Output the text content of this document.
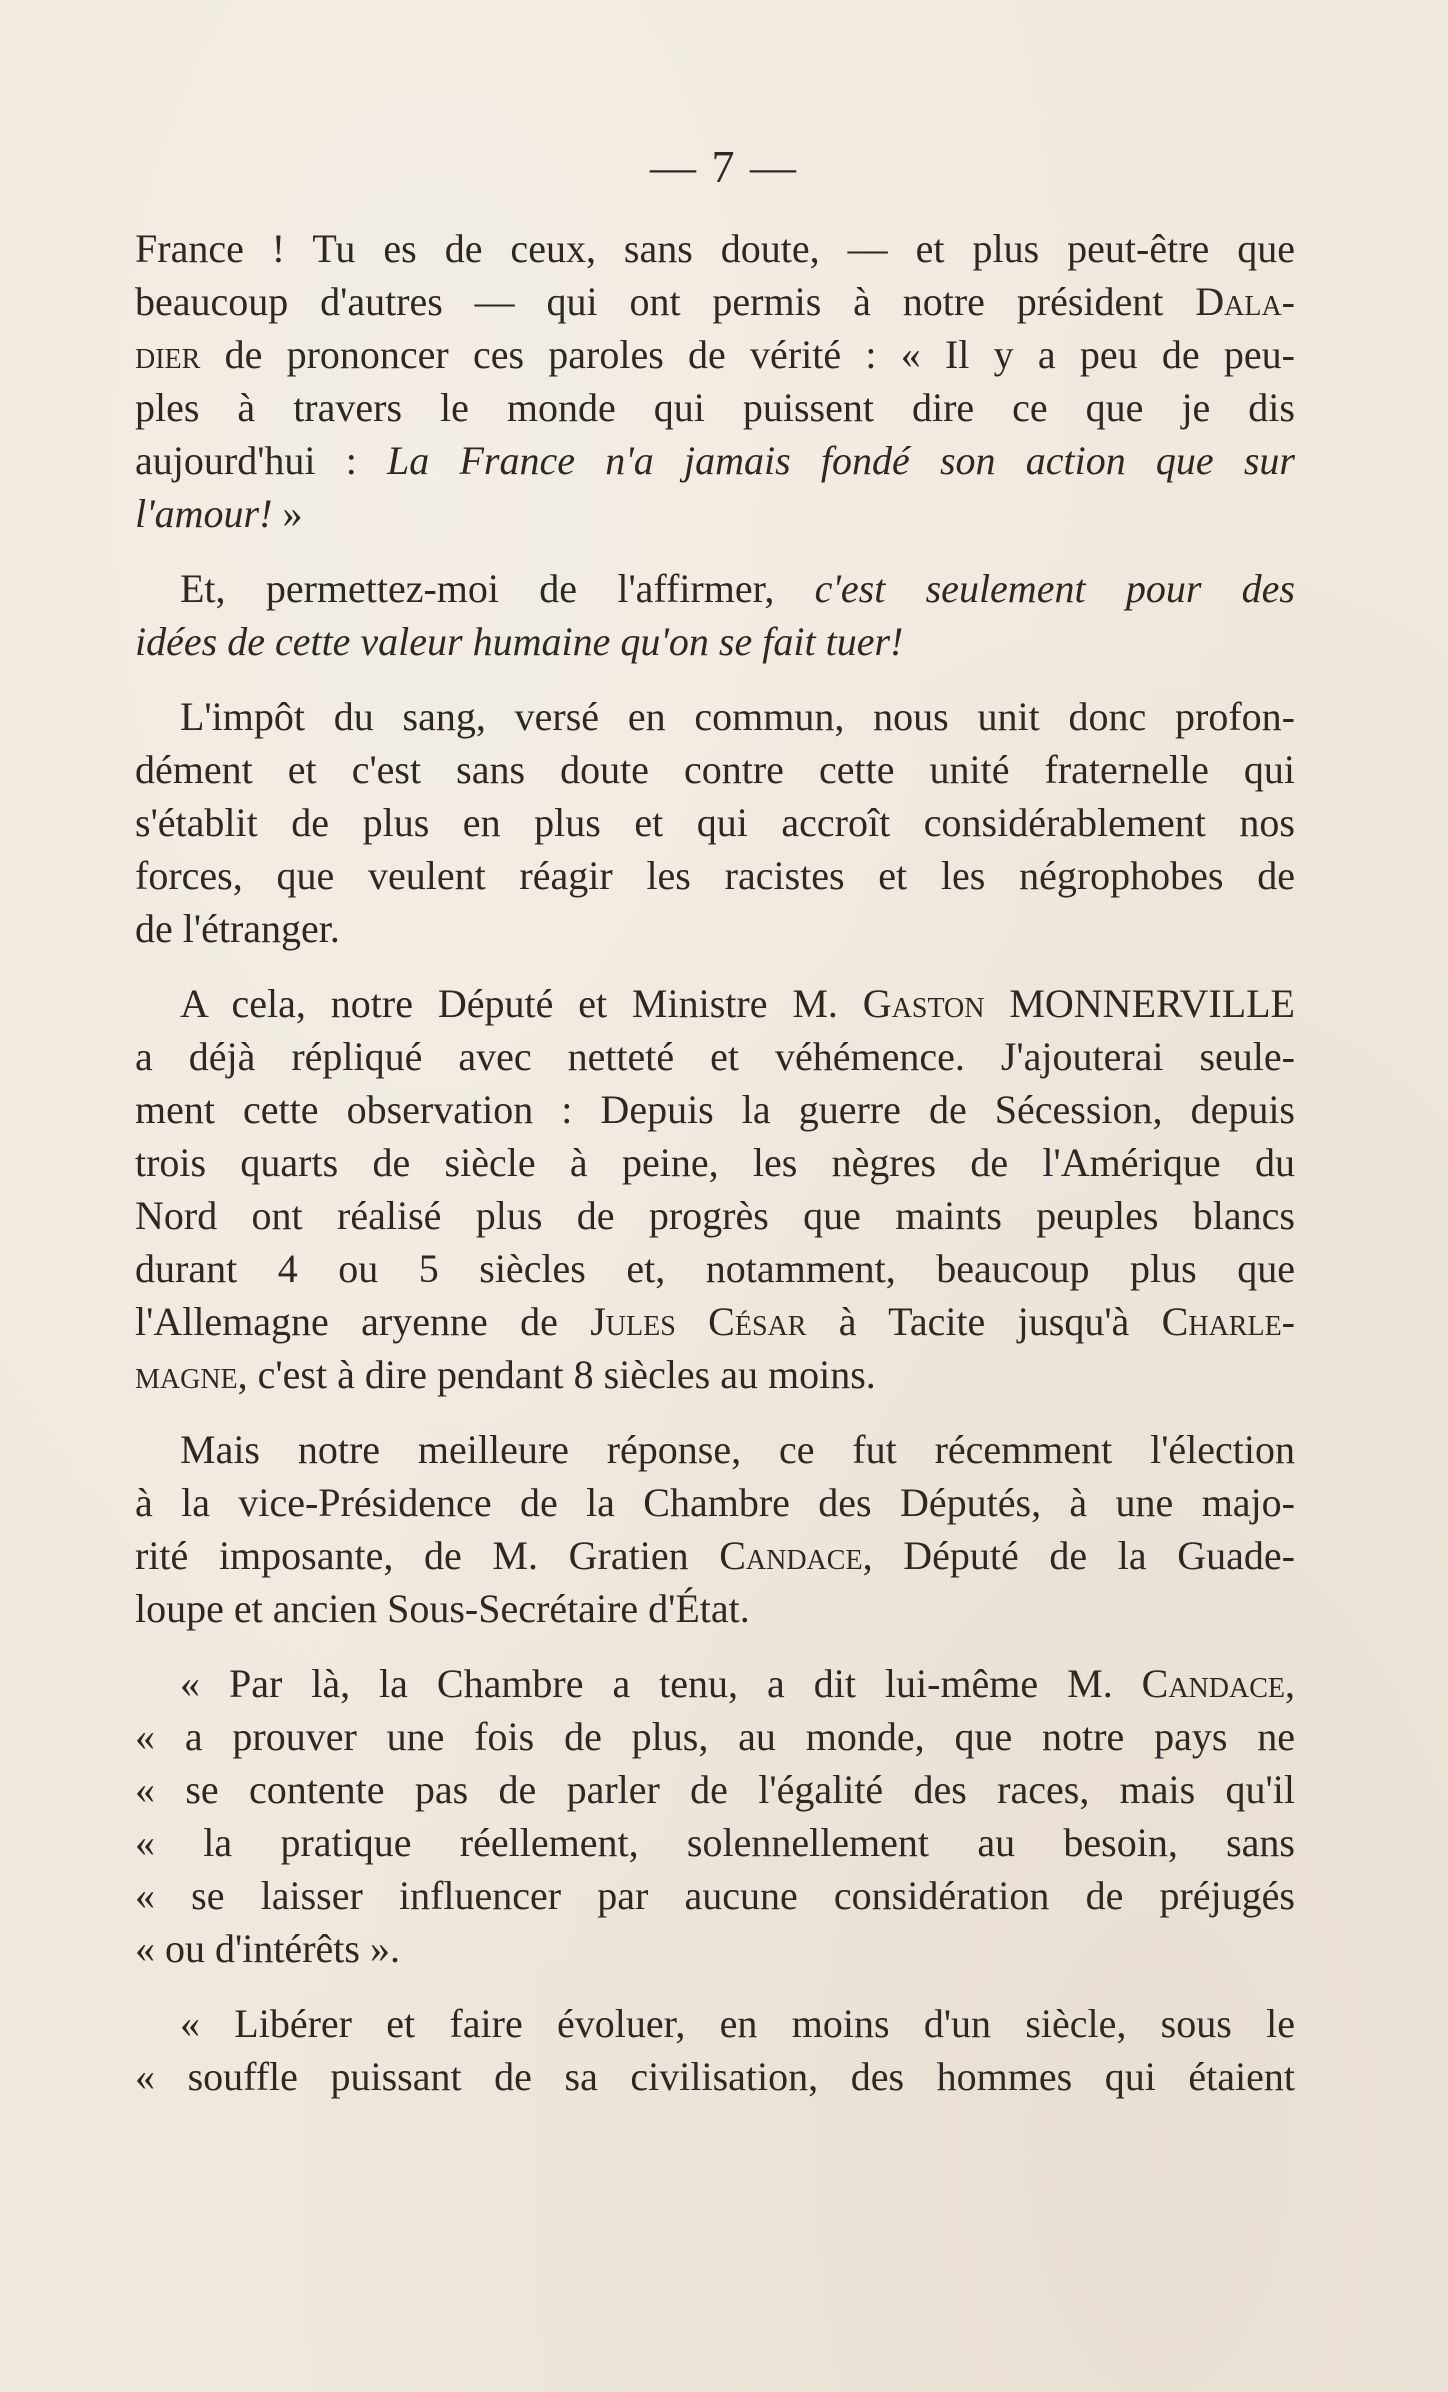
— 7 —
France ! Tu es de ceux, sans doute, — et plus peut-être que
beaucoup d'autres — qui ont permis à notre président Dala-
dier de prononcer ces paroles de vérité : « Il y a peu de peu-
ples à travers le monde qui puissent dire ce que je dis
aujourd'hui : La France n'a jamais fondé son action que sur
l'amour! »
Et, permettez-moi de l'affirmer, c'est seulement pour des
idées de cette valeur humaine qu'on se fait tuer!
L'impôt du sang, versé en commun, nous unit donc profon-
dément et c'est sans doute contre cette unité fraternelle qui
s'établit de plus en plus et qui accroît considérablement nos
forces, que veulent réagir les racistes et les négrophobes de
de l'étranger.
A cela, notre Député et Ministre M. Gaston MONNERVILLE
a déjà répliqué avec netteté et véhémence. J'ajouterai seule-
ment cette observation : Depuis la guerre de Sécession, depuis
trois quarts de siècle à peine, les nègres de l'Amérique du
Nord ont réalisé plus de progrès que maints peuples blancs
durant 4 ou 5 siècles et, notamment, beaucoup plus que
l'Allemagne aryenne de Jules César à Tacite jusqu'à Charle-
magne, c'est à dire pendant 8 siècles au moins.
Mais notre meilleure réponse, ce fut récemment l'élection
à la vice-Présidence de la Chambre des Députés, à une majo-
rité imposante, de M. Gratien Candace, Député de la Guade-
loupe et ancien Sous-Secrétaire d'État.
« Par là, la Chambre a tenu, a dit lui-même M. Candace,
« a prouver une fois de plus, au monde, que notre pays ne
« se contente pas de parler de l'égalité des races, mais qu'il
« la pratique réellement, solennellement au besoin, sans
« se laisser influencer par aucune considération de préjugés
« ou d'intérêts ».
« Libérer et faire évoluer, en moins d'un siècle, sous le
« souffle puissant de sa civilisation, des hommes qui étaient
